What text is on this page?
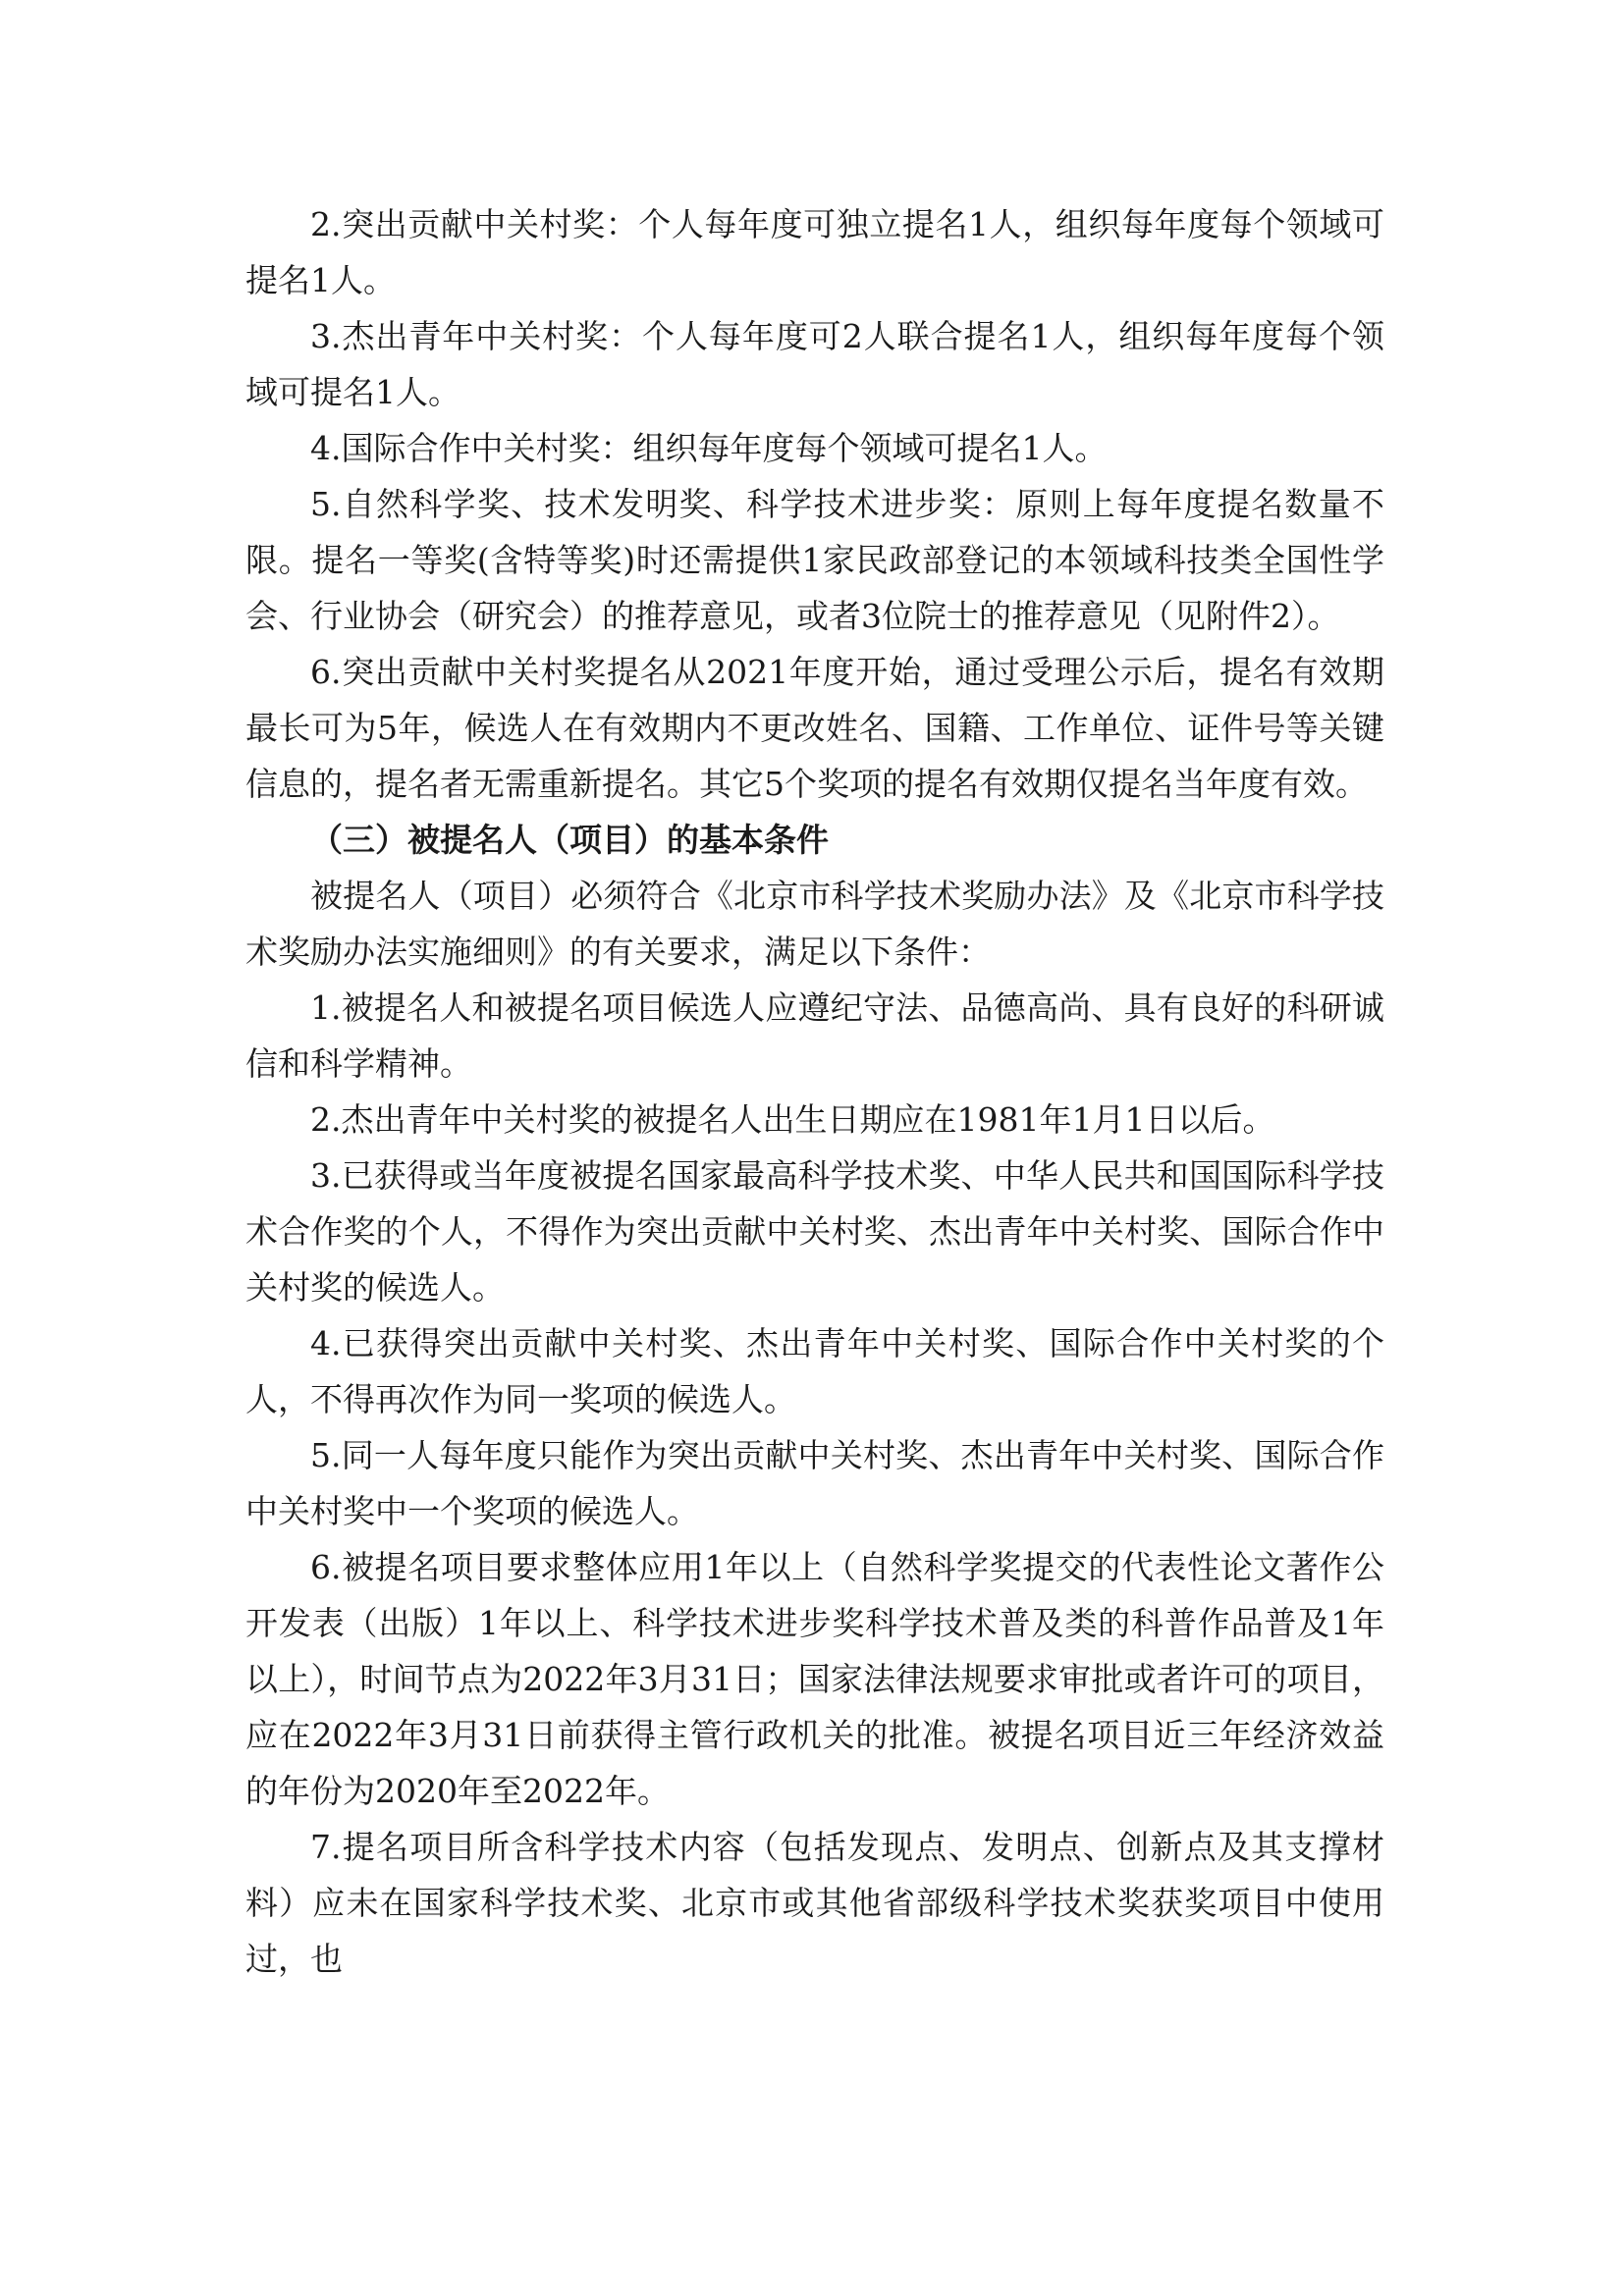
2.突出贡献中关村奖：个人每年度可独立提名1人，组织每年度每个领域可提名1人。

3.杰出青年中关村奖：个人每年度可2人联合提名1人，组织每年度每个领域可提名1人。

4.国际合作中关村奖：组织每年度每个领域可提名1人。

5.自然科学奖、技术发明奖、科学技术进步奖：原则上每年度提名数量不限。提名一等奖(含特等奖)时还需提供1家民政部登记的本领域科技类全国性学会、行业协会（研究会）的推荐意见，或者3位院士的推荐意见（见附件2）。

6.突出贡献中关村奖提名从2021年度开始，通过受理公示后，提名有效期最长可为5年，候选人在有效期内不更改姓名、国籍、工作单位、证件号等关键信息的，提名者无需重新提名。其它5个奖项的提名有效期仅提名当年度有效。

（三）被提名人（项目）的基本条件

被提名人（项目）必须符合《北京市科学技术奖励办法》及《北京市科学技术奖励办法实施细则》的有关要求，满足以下条件：

1.被提名人和被提名项目候选人应遵纪守法、品德高尚、具有良好的科研诚信和科学精神。

2.杰出青年中关村奖的被提名人出生日期应在1981年1月1日以后。

3.已获得或当年度被提名国家最高科学技术奖、中华人民共和国国际科学技术合作奖的个人，不得作为突出贡献中关村奖、杰出青年中关村奖、国际合作中关村奖的候选人。

4.已获得突出贡献中关村奖、杰出青年中关村奖、国际合作中关村奖的个人，不得再次作为同一奖项的候选人。

5.同一人每年度只能作为突出贡献中关村奖、杰出青年中关村奖、国际合作中关村奖中一个奖项的候选人。

6.被提名项目要求整体应用1年以上（自然科学奖提交的代表性论文著作公开发表（出版）1年以上、科学技术进步奖科学技术普及类的科普作品普及1年以上），时间节点为2022年3月31日；国家法律法规要求审批或者许可的项目，应在2022年3月31日前获得主管行政机关的批准。被提名项目近三年经济效益的年份为2020年至2022年。

7.提名项目所含科学技术内容（包括发现点、发明点、创新点及其支撑材料）应未在国家科学技术奖、北京市或其他省部级科学技术奖获奖项目中使用过，也
